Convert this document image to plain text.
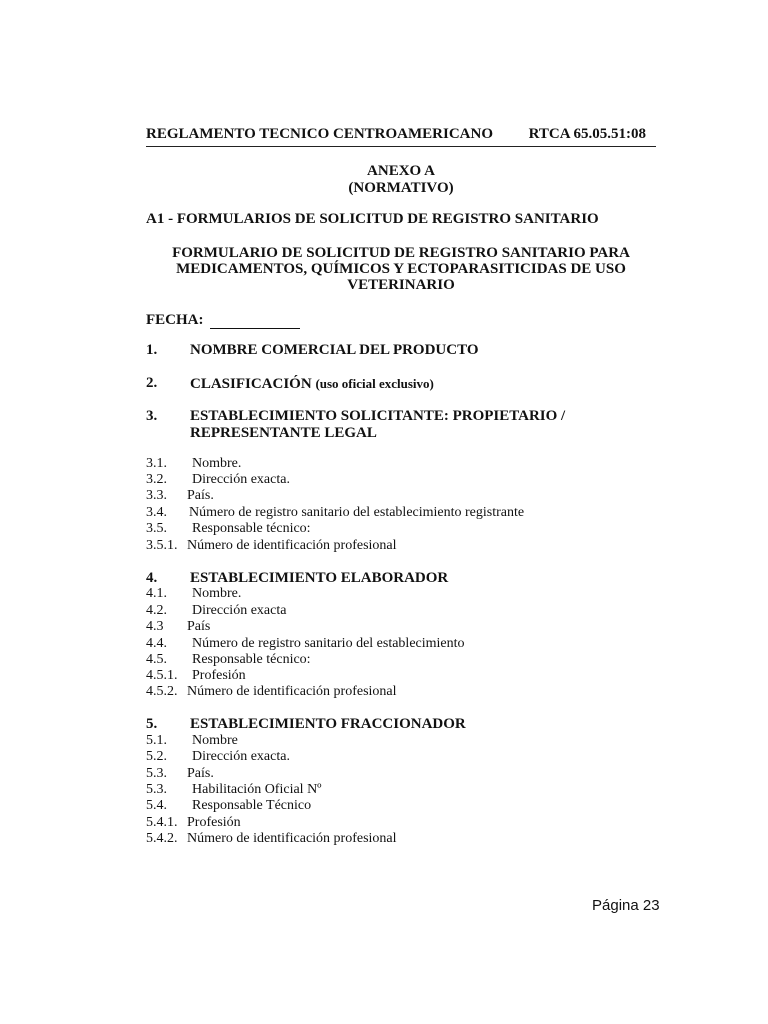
REGLAMENTO TECNICO CENTROAMERICANO RTCA 65.05.51:08
ANEXO A
(NORMATIVO)
A1 - FORMULARIOS DE SOLICITUD DE REGISTRO SANITARIO
FORMULARIO DE SOLICITUD DE REGISTRO SANITARIO PARA
MEDICAMENTOS, QUÍMICOS Y ECTOPARASITICIDAS DE USO
VETERINARIO
FECHA:
1. NOMBRE COMERCIAL DEL PRODUCTO
2. CLASIFICACIÓN (uso oficial exclusivo)
3. ESTABLECIMIENTO SOLICITANTE: PROPIETARIO /
REPRESENTANTE LEGAL
3.1. Nombre.
3.2. Dirección exacta.
3.3. País.
3.4. Número de registro sanitario del establecimiento registrante
3.5. Responsable técnico:
3.5.1. Número de identificación profesional
4. ESTABLECIMIENTO ELABORADOR
4.1. Nombre.
4.2. Dirección exacta
4.3 País
4.4. Número de registro sanitario del establecimiento
4.5. Responsable técnico:
4.5.1. Profesión
4.5.2. Número de identificación profesional
5. ESTABLECIMIENTO FRACCIONADOR
5.1. Nombre
5.2. Dirección exacta.
5.3. País.
5.3. Habilitación Oficial Nº
5.4. Responsable Técnico
5.4.1. Profesión
5.4.2. Número de identificación profesional
Página 23
